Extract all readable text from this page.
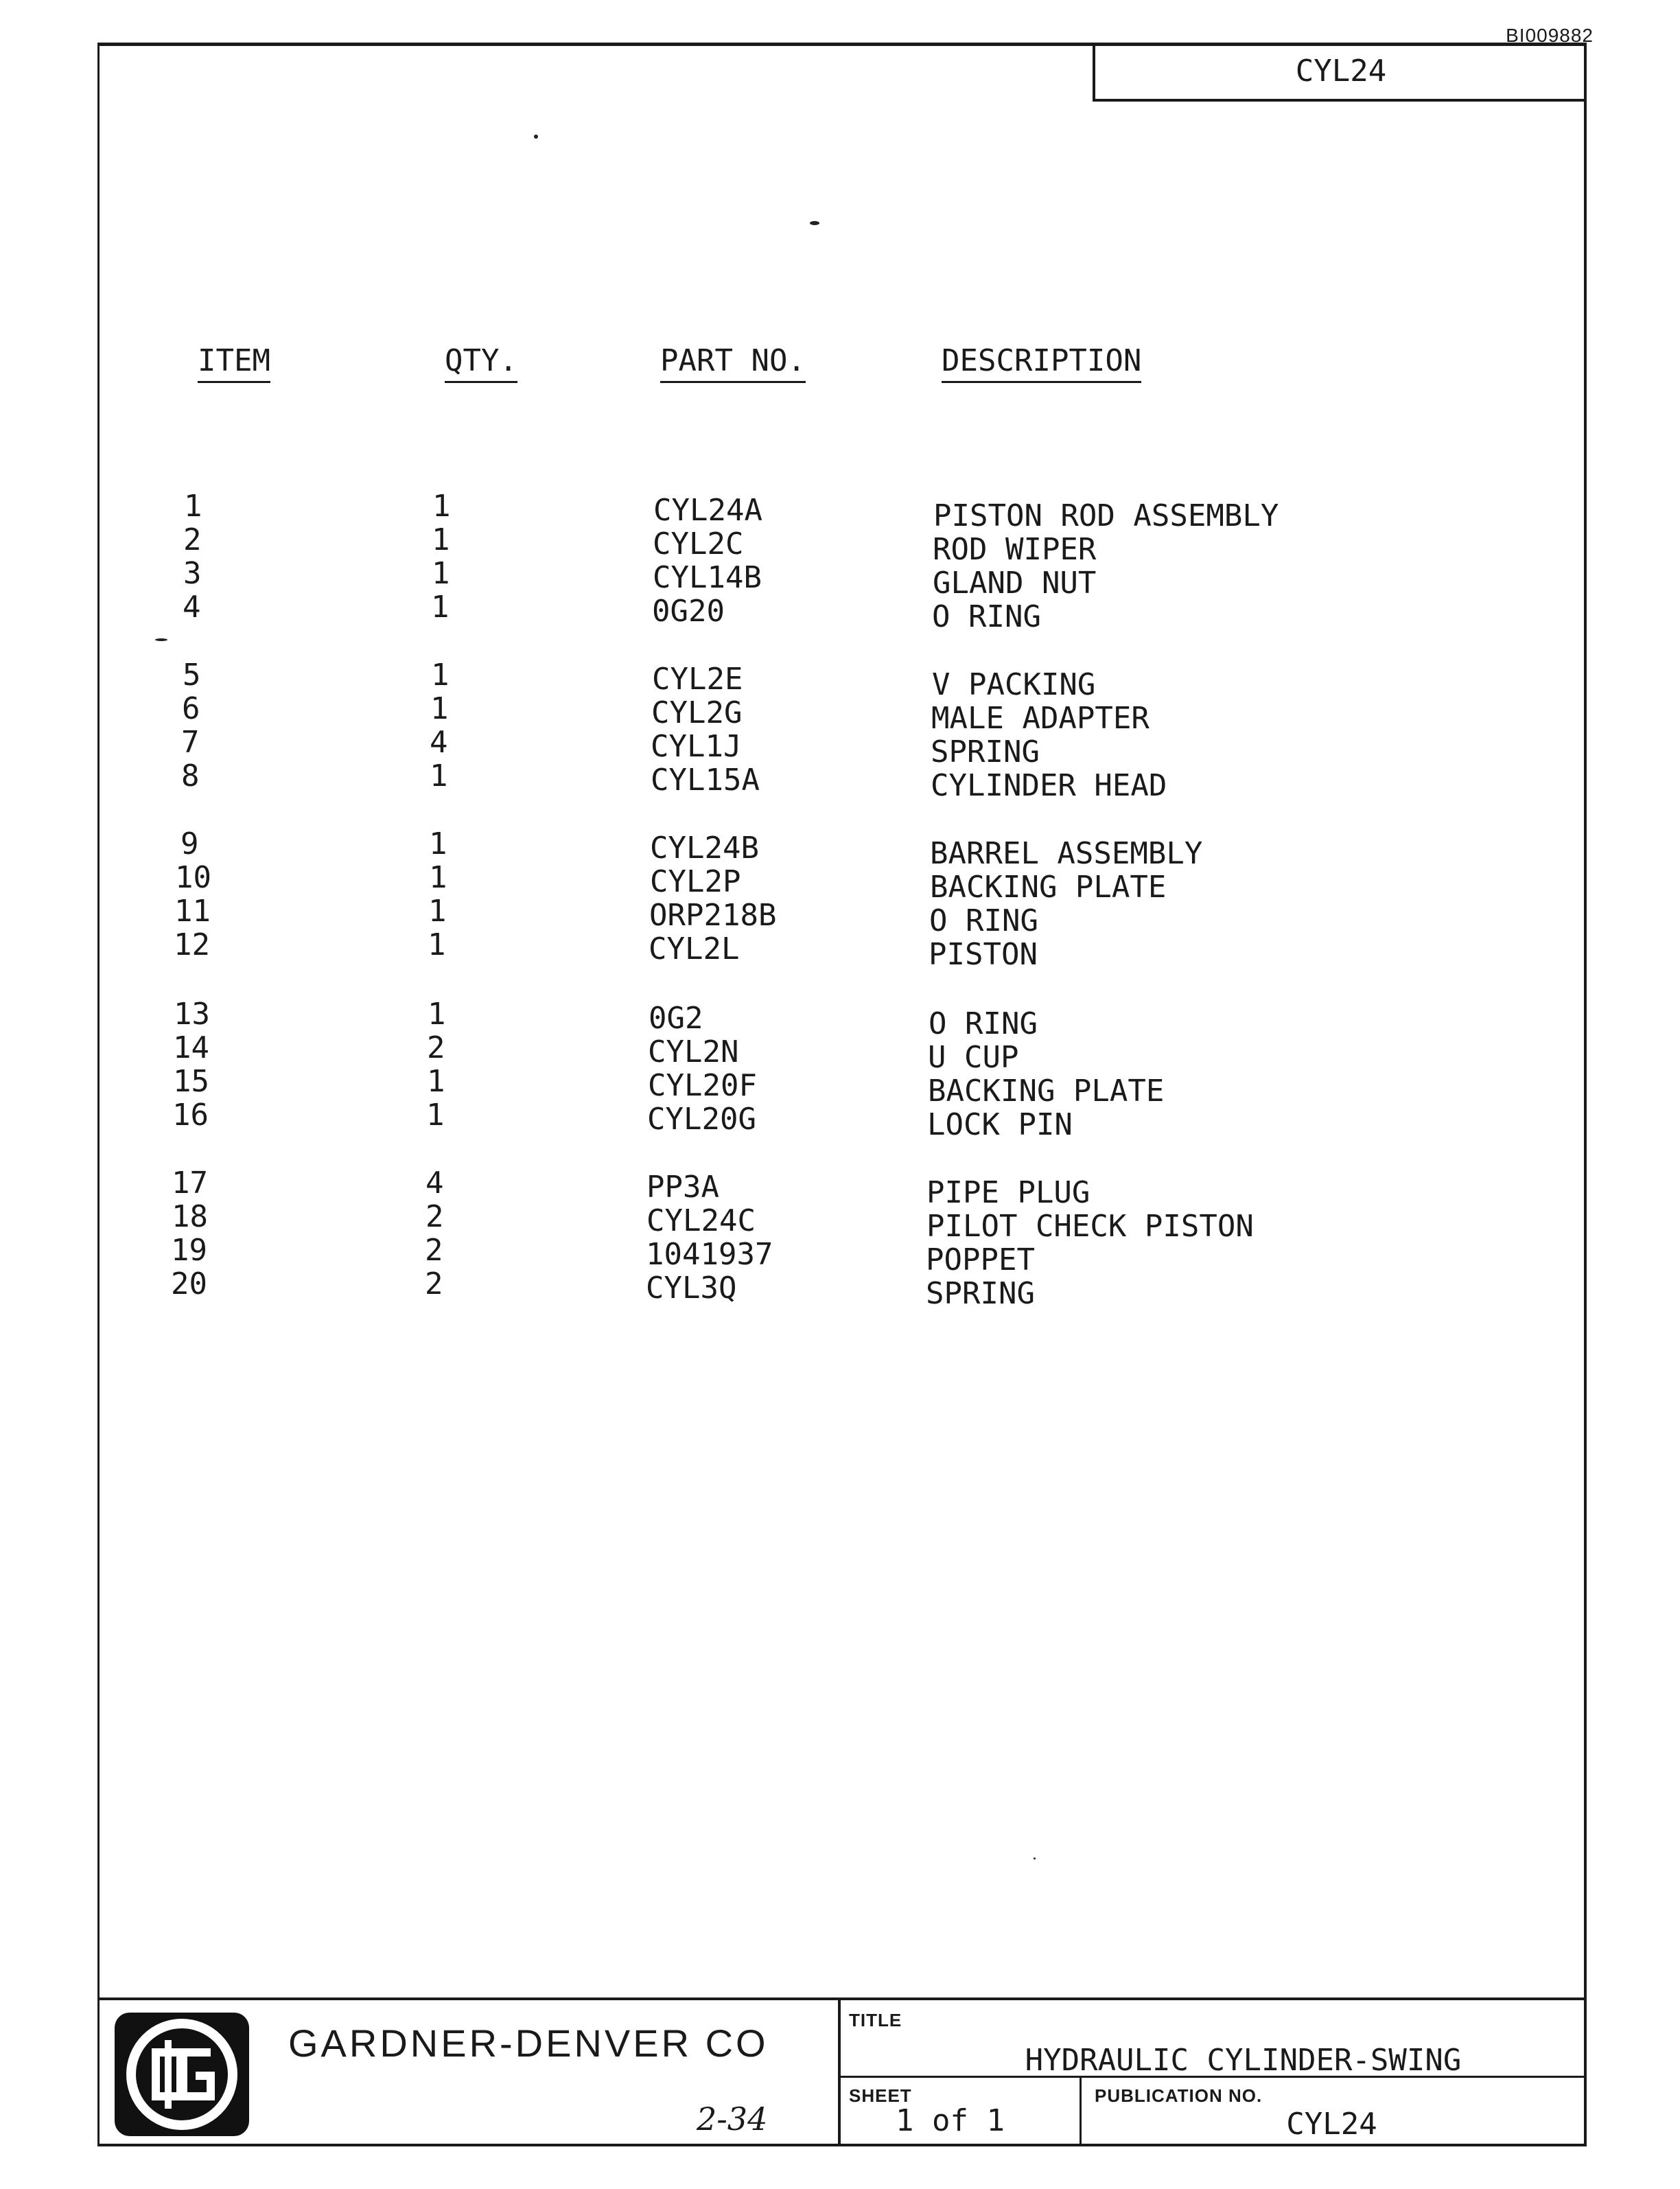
BI009882
CYL24
ITEM	QTY.	PART NO.	DESCRIPTION
1	1	CYL24A	PISTON ROD ASSEMBLY
2	1	CYL2C	ROD WIPER
3	1	CYL14B	GLAND NUT
4	1	0G20	O RING
5	1	CYL2E	V PACKING
6	1	CYL2G	MALE ADAPTER
7	4	CYL1J	SPRING
8	1	CYL15A	CYLINDER HEAD
9	1	CYL24B	BARREL ASSEMBLY
10	1	CYL2P	BACKING PLATE
11	1	ORP218B	O RING
12	1	CYL2L	PISTON
13	1	0G2	O RING
14	2	CYL2N	U CUP
15	1	CYL20F	BACKING PLATE
16	1	CYL20G	LOCK PIN
17	4	PP3A	PIPE PLUG
18	2	CYL24C	PILOT CHECK PISTON
19	2	1041937	POPPET
20	2	CYL3Q	SPRING
GARDNER-DENVER CO
2-34
TITLE
HYDRAULIC CYLINDER-SWING
SHEET
1 of 1
PUBLICATION NO.
CYL24
